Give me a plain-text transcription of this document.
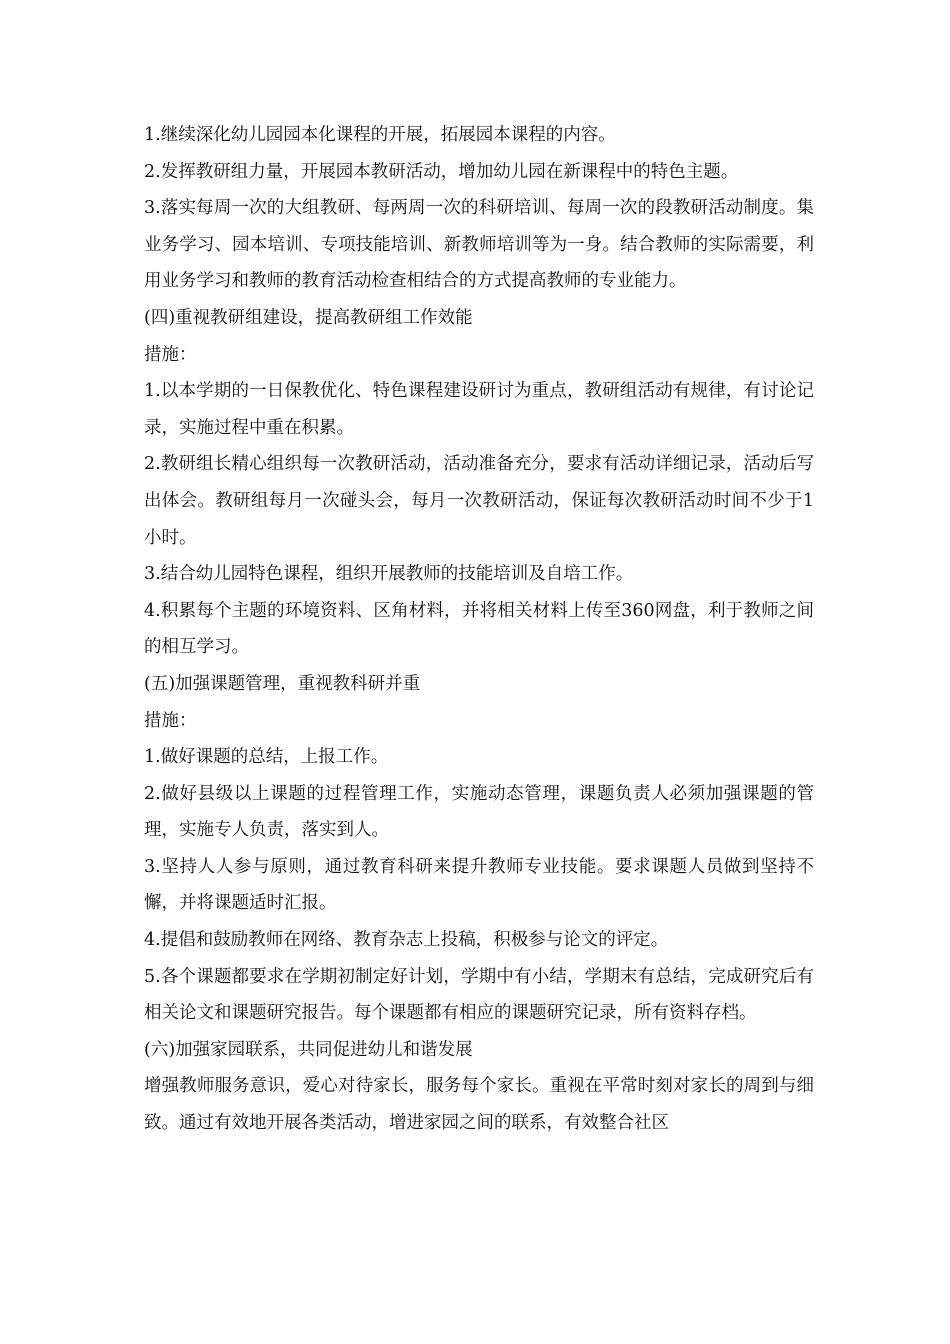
1.继续深化幼儿园园本化课程的开展，拓展园本课程的内容。

2.发挥教研组力量，开展园本教研活动，增加幼儿园在新课程中的特色主题。

3.落实每周一次的大组教研、每两周一次的科研培训、每周一次的段教研活动制度。集业务学习、园本培训、专项技能培训、新教师培训等为一身。结合教师的实际需要，利用业务学习和教师的教育活动检查相结合的方式提高教师的专业能力。

(四)重视教研组建设，提高教研组工作效能

措施：

1.以本学期的一日保教优化、特色课程建设研讨为重点，教研组活动有规律，有讨论记录，实施过程中重在积累。

2.教研组长精心组织每一次教研活动，活动准备充分，要求有活动详细记录，活动后写出体会。教研组每月一次碰头会，每月一次教研活动，保证每次教研活动时间不少于1小时。

3.结合幼儿园特色课程，组织开展教师的技能培训及自培工作。

4.积累每个主题的环境资料、区角材料，并将相关材料上传至360网盘，利于教师之间的相互学习。

(五)加强课题管理，重视教科研并重

措施：

1.做好课题的总结，上报工作。

2.做好县级以上课题的过程管理工作，实施动态管理，课题负责人必须加强课题的管理，实施专人负责，落实到人。

3.坚持人人参与原则，通过教育科研来提升教师专业技能。要求课题人员做到坚持不懈，并将课题适时汇报。

4.提倡和鼓励教师在网络、教育杂志上投稿，积极参与论文的评定。

5.各个课题都要求在学期初制定好计划，学期中有小结，学期末有总结，完成研究后有相关论文和课题研究报告。每个课题都有相应的课题研究记录，所有资料存档。

(六)加强家园联系，共同促进幼儿和谐发展

增强教师服务意识，爱心对待家长，服务每个家长。重视在平常时刻对家长的周到与细致。通过有效地开展各类活动，增进家园之间的联系，有效整合社区
